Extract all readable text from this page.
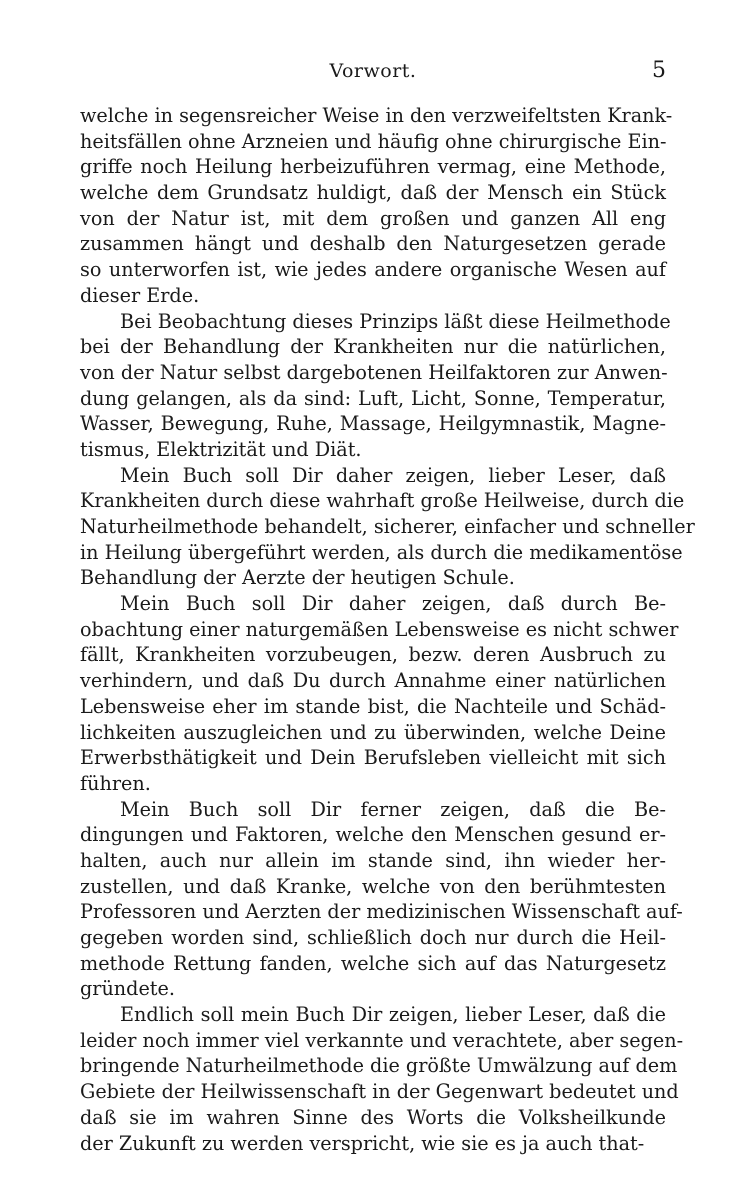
Vorwort.	5
welche in segensreicher Weise in den verzweifeltsten Krank-
heitsfällen ohne Arzneien und häufig ohne chirurgische Ein-
griffe noch Heilung herbeizuführen vermag, eine Methode,
welche dem Grundsatz huldigt, daß der Mensch ein Stück
von der Natur ist, mit dem großen und ganzen All eng
zusammen hängt und deshalb den Naturgesetzen gerade
so unterworfen ist, wie jedes andere organische Wesen auf
dieser Erde.
Bei Beobachtung dieses Prinzips läßt diese Heilmethode
bei der Behandlung der Krankheiten nur die natürlichen,
von der Natur selbst dargebotenen Heilfaktoren zur Anwen-
dung gelangen, als da sind: Luft, Licht, Sonne, Temperatur,
Wasser, Bewegung, Ruhe, Massage, Heilgymnastik, Magne-
tismus, Elektrizität und Diät.
Mein Buch soll Dir daher zeigen, lieber Leser, daß
Krankheiten durch diese wahrhaft große Heilweise, durch die
Naturheilmethode behandelt, sicherer, einfacher und schneller
in Heilung übergeführt werden, als durch die medikamentöse
Behandlung der Aerzte der heutigen Schule.
Mein Buch soll Dir daher zeigen, daß durch Be-
obachtung einer naturgemäßen Lebensweise es nicht schwer
fällt, Krankheiten vorzubeugen, bezw. deren Ausbruch zu
verhindern, und daß Du durch Annahme einer natürlichen
Lebensweise eher im stande bist, die Nachteile und Schäd-
lichkeiten auszugleichen und zu überwinden, welche Deine
Erwerbsthätigkeit und Dein Berufsleben vielleicht mit sich
führen.
Mein Buch soll Dir ferner zeigen, daß die Be-
dingungen und Faktoren, welche den Menschen gesund er-
halten, auch nur allein im stande sind, ihn wieder her-
zustellen, und daß Kranke, welche von den berühmtesten
Professoren und Aerzten der medizinischen Wissenschaft auf-
gegeben worden sind, schließlich doch nur durch die Heil-
methode Rettung fanden, welche sich auf das Naturgesetz
gründete.
Endlich soll mein Buch Dir zeigen, lieber Leser, daß die
leider noch immer viel verkannte und verachtete, aber segen-
bringende Naturheilmethode die größte Umwälzung auf dem
Gebiete der Heilwissenschaft in der Gegenwart bedeutet und
daß sie im wahren Sinne des Worts die Volksheilkunde
der Zukunft zu werden verspricht, wie sie es ja auch that-
